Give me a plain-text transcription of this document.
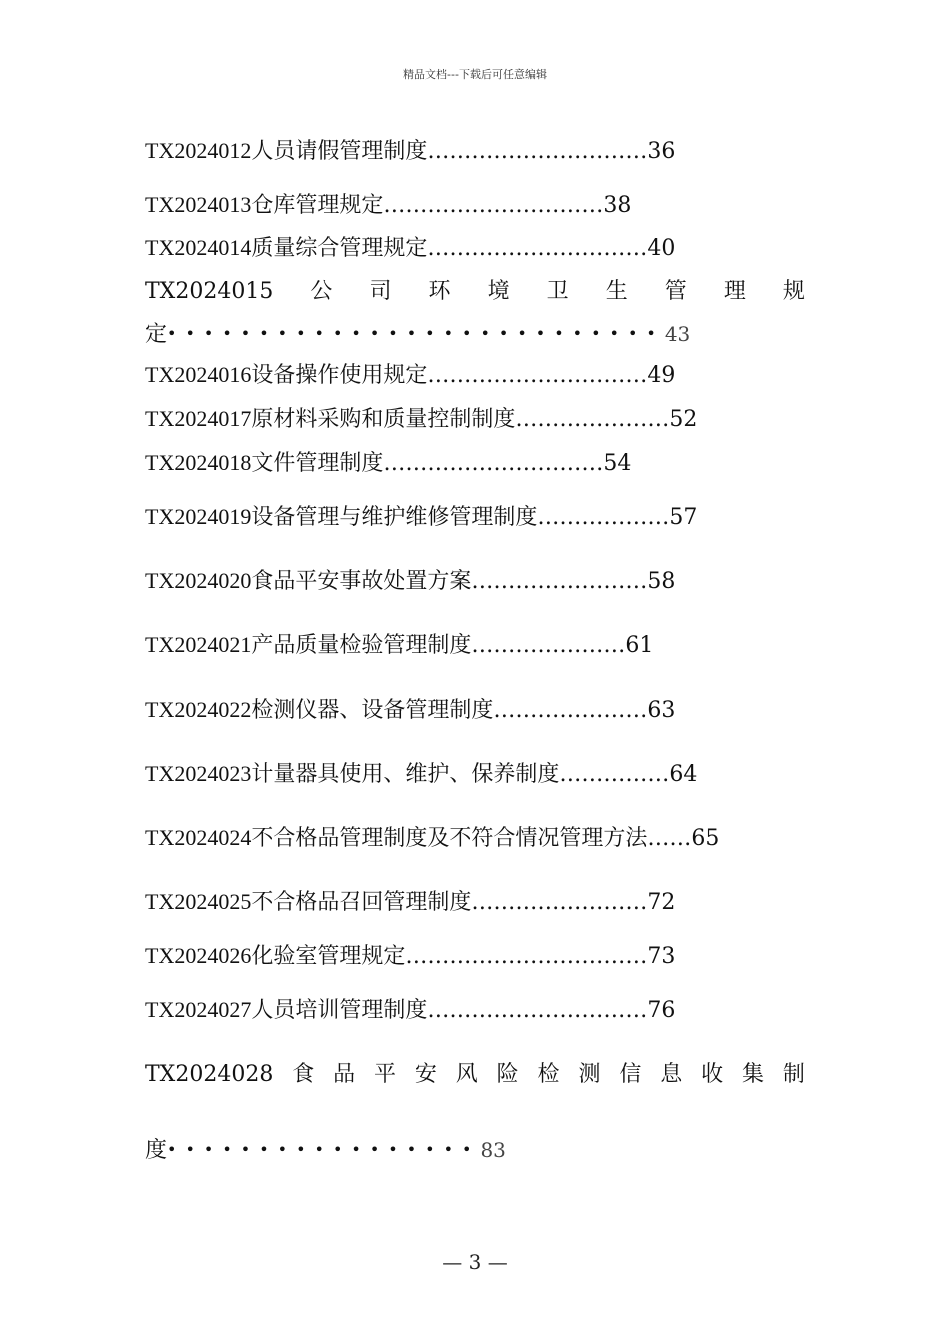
精品文档---下载后可任意编辑
TX2024012人员请假管理制度…………………………36
TX2024013仓库管理规定…………………………38
TX2024014质量综合管理规定…………………………40
TX2024015 公 司 环 境 卫 生 管 理 规
定•••••••••••••••••••••••••••43
TX2024016设备操作使用规定…………………………49
TX2024017原材料采购和质量控制制度…………………52
TX2024018文件管理制度…………………………54
TX2024019设备管理与维护维修管理制度………………57
TX2024020食品平安事故处置方案……………………58
TX2024021产品质量检验管理制度…………………61
TX2024022检测仪器、设备管理制度…………………63
TX2024023计量器具使用、维护、保养制度……………64
TX2024024不合格品管理制度及不符合情况管理方法……65
TX2024025不合格品召回管理制度……………………72
TX2024026化验室管理规定……………………………73
TX2024027人员培训管理制度…………………………76
TX2024028 食 品 平 安 风 险 检 测 信 息 收 集 制
度•••••••••••••••••83
— 3 —
